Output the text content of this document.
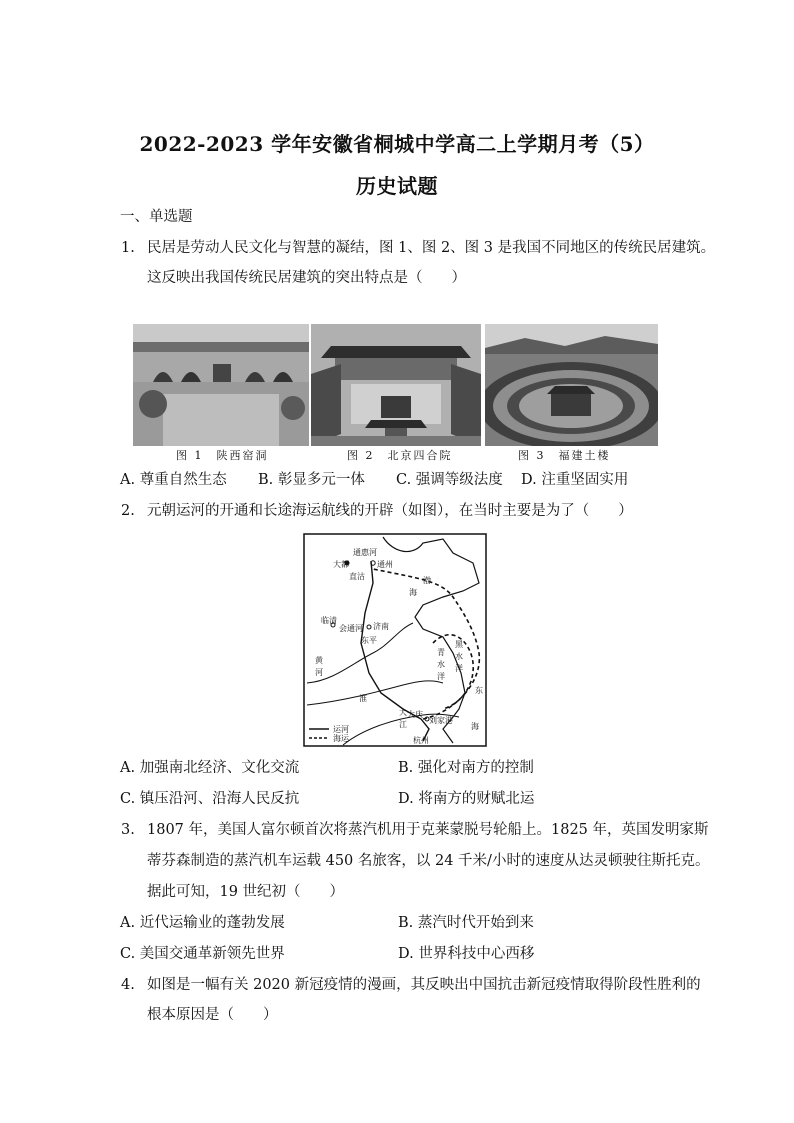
2022-2023 学年安徽省桐城中学高二上学期月考（5）
历史试题
一、单选题
1. 民居是劳动人民文化与智慧的凝结，图 1、图 2、图 3 是我国不同地区的传统民居建筑。
这反映出我国传统民居建筑的突出特点是（　　）
图 1　陕西窑洞	图 2　北京四合院	图 3　福建土楼
A. 尊重自然生态 B. 彰显多元一体 C. 强调等级法度 D. 注重坚固实用
2. 元朝运河的开通和长途海运航线的开辟（如图），在当时主要是为了（　　）
通惠河
大都	通州
直沽	渤
海
临清
会通河 济南
东平
黄
河
青
水
洋
黑
水
洋
淮
东
大
江
大庆
刘家港
海
杭州
运河
海运
A. 加强南北经济、文化交流	B. 强化对南方的控制
C. 镇压沿河、沿海人民反抗	D. 将南方的财赋北运
3. 1807 年，美国人富尔顿首次将蒸汽机用于克莱蒙脱号轮船上。1825 年，英国发明家斯
蒂芬森制造的蒸汽机车运载 450 名旅客，以 24 千米/小时的速度从达灵顿驶往斯托克。
据此可知，19 世纪初（　　）
A. 近代运输业的蓬勃发展	B. 蒸汽时代开始到来
C. 美国交通革新领先世界	D. 世界科技中心西移
4. 如图是一幅有关 2020 新冠疫情的漫画，其反映出中国抗击新冠疫情取得阶段性胜利的
根本原因是（　　）
